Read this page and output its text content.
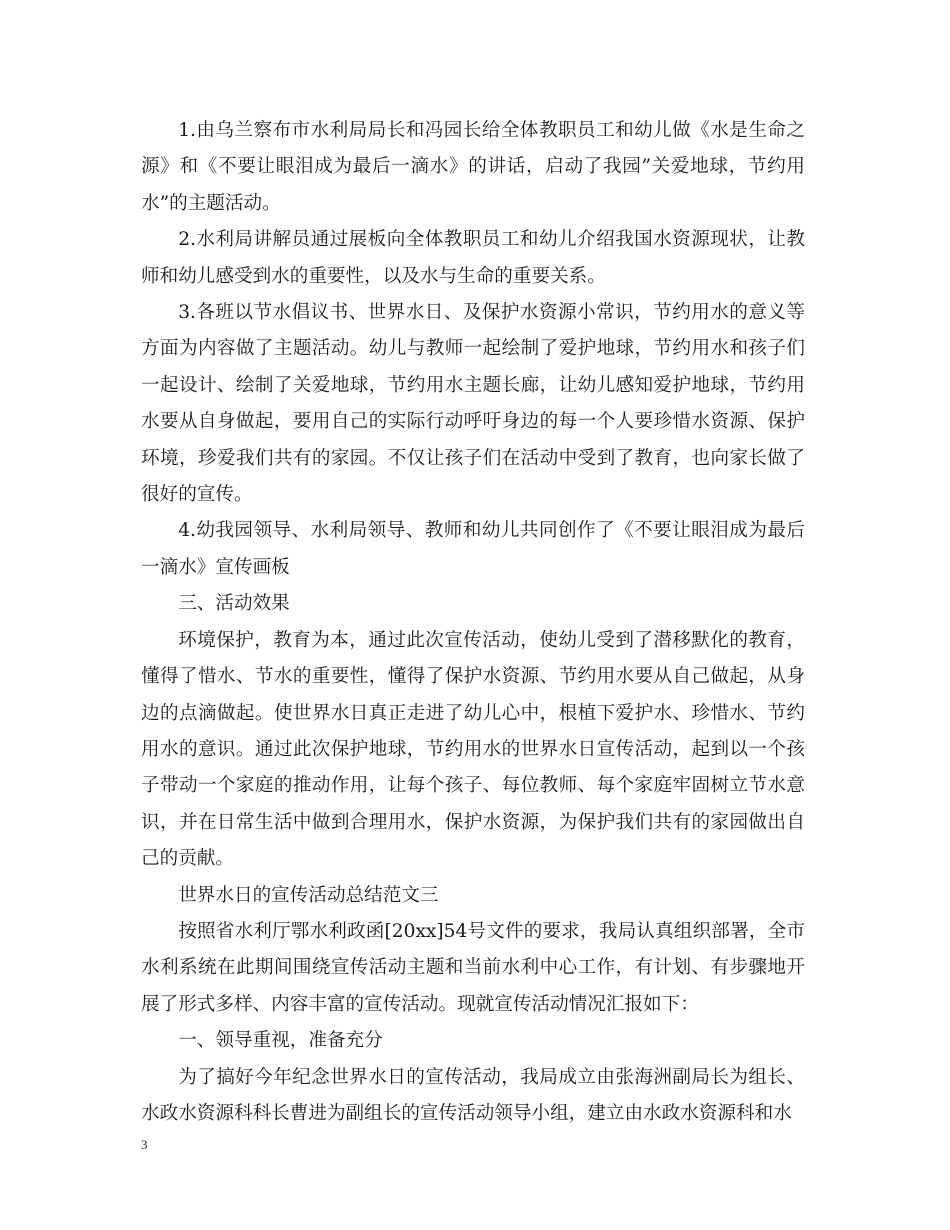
1.由乌兰察布市水利局局长和冯园长给全体教职员工和幼儿做《水是生命之源》和《不要让眼泪成为最后一滴水》的讲话，启动了我园”关爱地球，节约用水”的主题活动。

2.水利局讲解员通过展板向全体教职员工和幼儿介绍我国水资源现状，让教师和幼儿感受到水的重要性，以及水与生命的重要关系。

3.各班以节水倡议书、世界水日、及保护水资源小常识，节约用水的意义等方面为内容做了主题活动。幼儿与教师一起绘制了爱护地球，节约用水和孩子们一起设计、绘制了关爱地球，节约用水主题长廊，让幼儿感知爱护地球，节约用水要从自身做起，要用自己的实际行动呼吁身边的每一个人要珍惜水资源、保护环境，珍爱我们共有的家园。不仅让孩子们在活动中受到了教育，也向家长做了很好的宣传。

4.幼我园领导、水利局领导、教师和幼儿共同创作了《不要让眼泪成为最后一滴水》宣传画板

三、活动效果

环境保护，教育为本，通过此次宣传活动，使幼儿受到了潜移默化的教育，懂得了惜水、节水的重要性，懂得了保护水资源、节约用水要从自己做起，从身边的点滴做起。使世界水日真正走进了幼儿心中，根植下爱护水、珍惜水、节约用水的意识。通过此次保护地球，节约用水的世界水日宣传活动，起到以一个孩子带动一个家庭的推动作用，让每个孩子、每位教师、每个家庭牢固树立节水意识，并在日常生活中做到合理用水，保护水资源，为保护我们共有的家园做出自己的贡献。

世界水日的宣传活动总结范文三

按照省水利厅鄂水利政函[20xx]54号文件的要求，我局认真组织部署，全市水利系统在此期间围绕宣传活动主题和当前水利中心工作，有计划、有步骤地开展了形式多样、内容丰富的宣传活动。现就宣传活动情况汇报如下：

一、领导重视，准备充分

为了搞好今年纪念世界水日的宣传活动，我局成立由张海洲副局长为组长、水政水资源科科长曹进为副组长的宣传活动领导小组，建立由水政水资源科和水

3
